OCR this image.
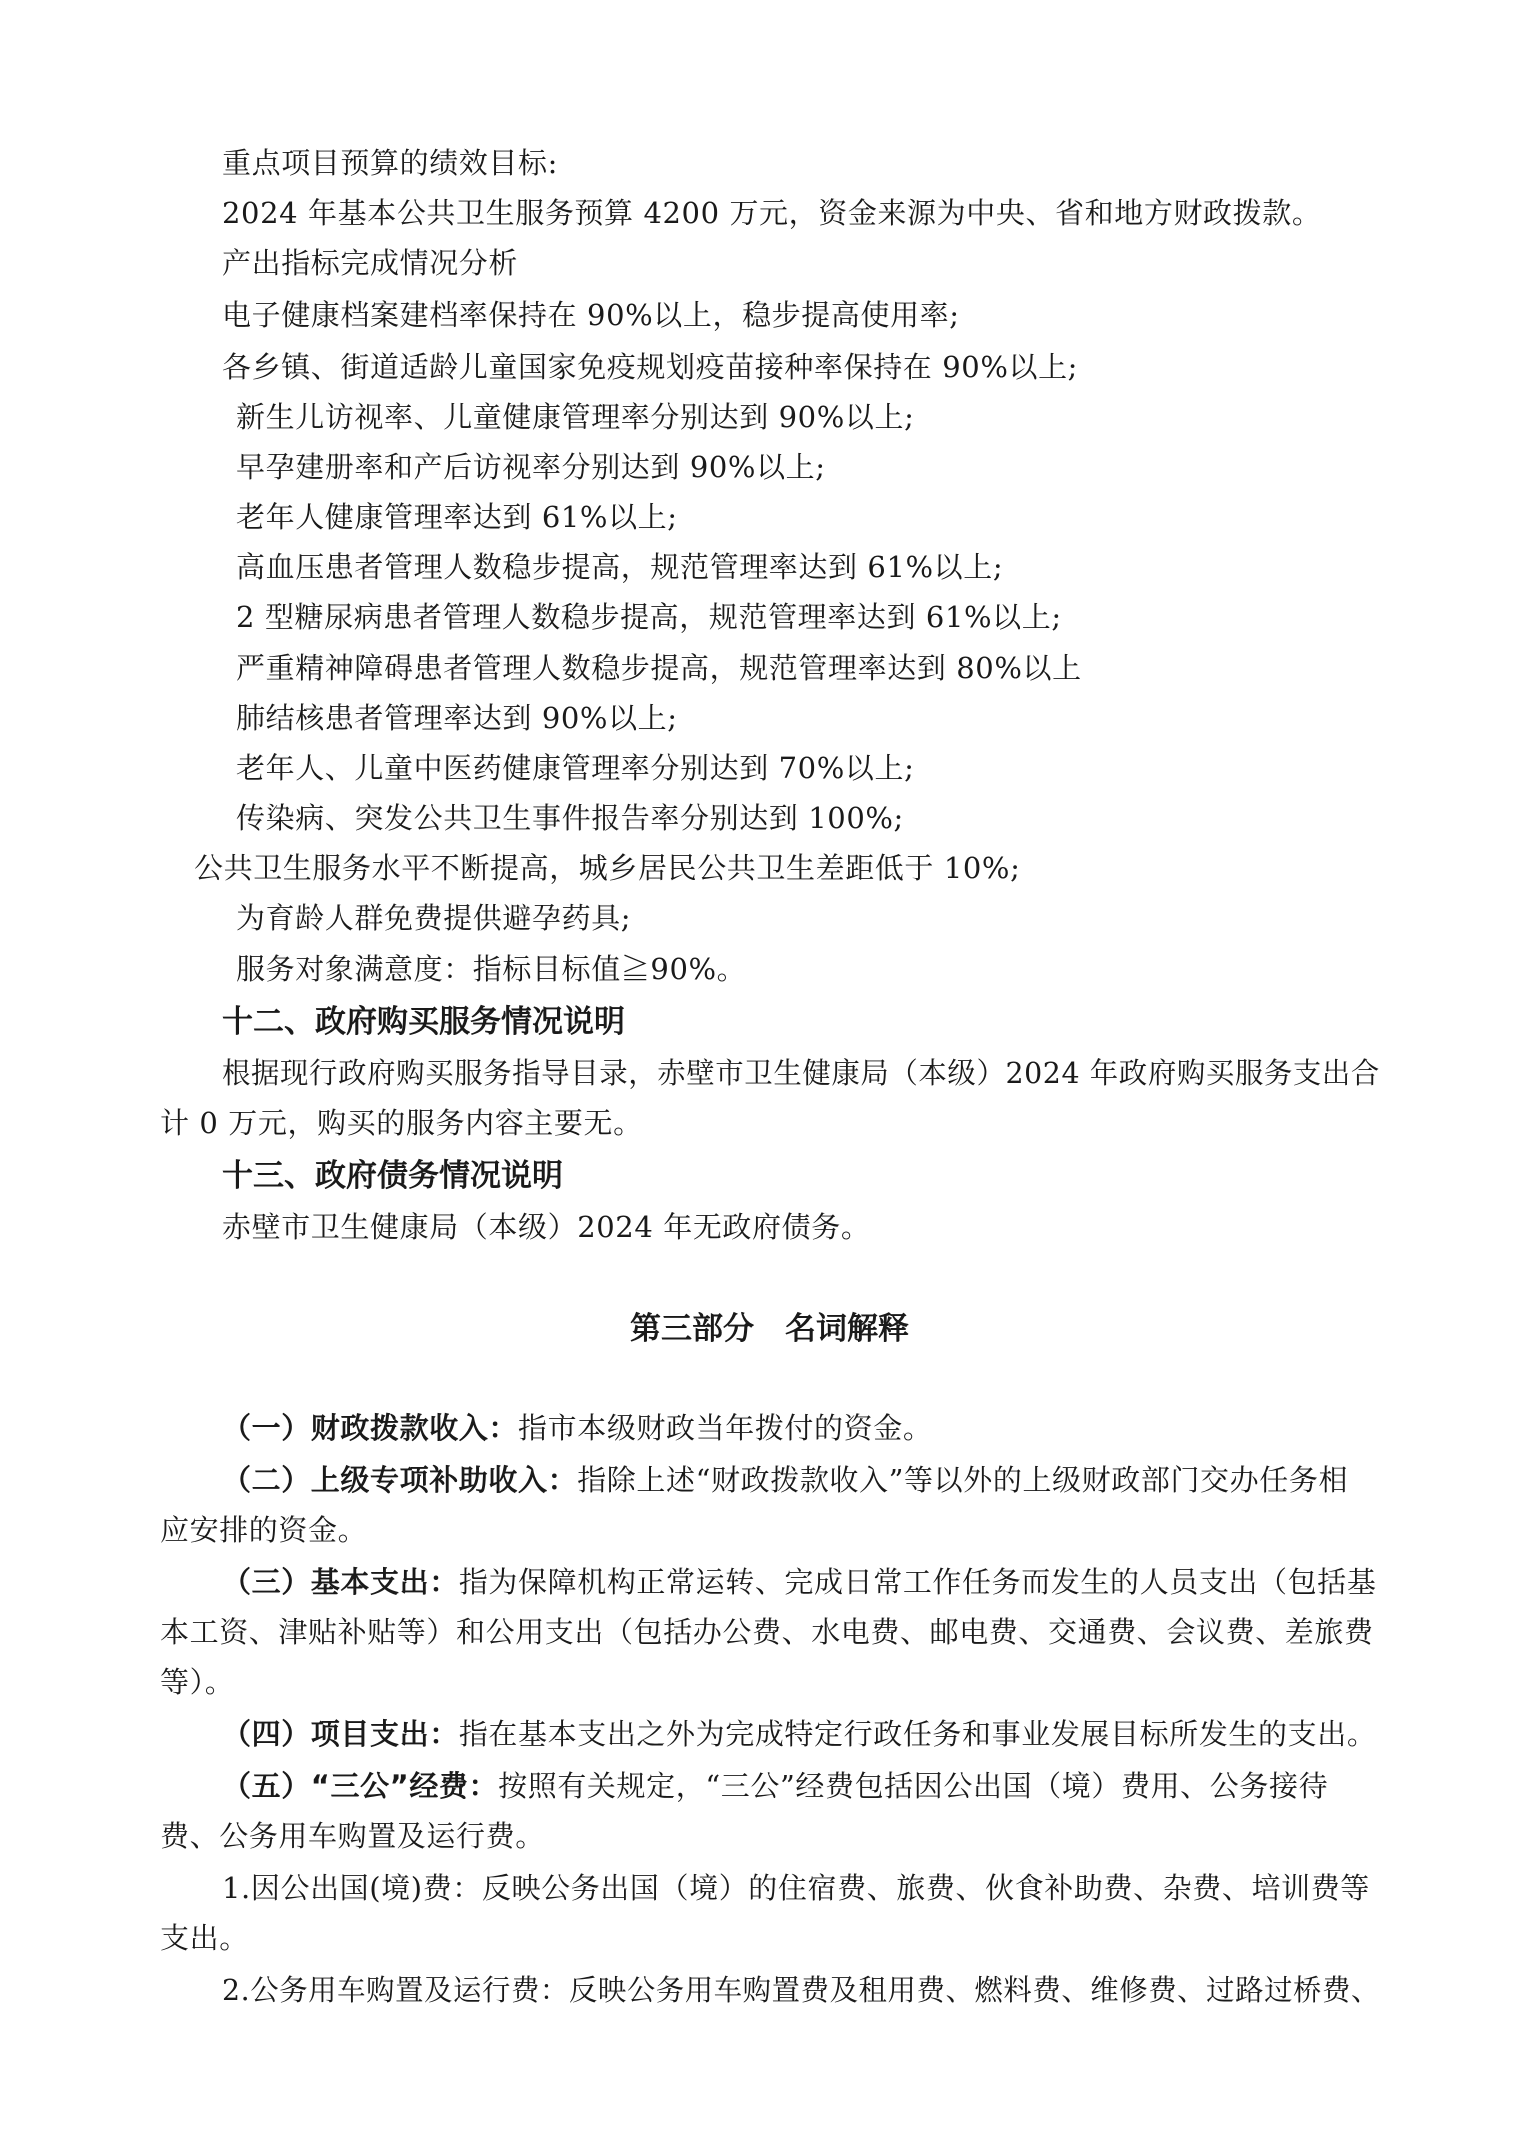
重点项目预算的绩效目标:
2024 年基本公共卫生服务预算 4200 万元，资金来源为中央、省和地方财政拨款。
产出指标完成情况分析
电子健康档案建档率保持在 90%以上，稳步提高使用率;
各乡镇、街道适龄儿童国家免疫规划疫苗接种率保持在 90%以上;
新生儿访视率、儿童健康管理率分别达到 90%以上;
早孕建册率和产后访视率分别达到 90%以上;
老年人健康管理率达到 61%以上;
高血压患者管理人数稳步提高，规范管理率达到 61%以上;
2 型糖尿病患者管理人数稳步提高，规范管理率达到 61%以上;
严重精神障碍患者管理人数稳步提高，规范管理率达到 80%以上
肺结核患者管理率达到 90%以上;
老年人、儿童中医药健康管理率分别达到 70%以上;
传染病、突发公共卫生事件报告率分别达到 100%;
公共卫生服务水平不断提高，城乡居民公共卫生差距低于 10%;
为育龄人群免费提供避孕药具;
服务对象满意度：指标目标值≧90%。
十二、政府购买服务情况说明
根据现行政府购买服务指导目录，赤壁市卫生健康局（本级）2024 年政府购买服务支出合
计 0 万元，购买的服务内容主要无。
十三、政府债务情况说明
赤壁市卫生健康局（本级）2024 年无政府债务。
第三部分　名词解释
（一）财政拨款收入：指市本级财政当年拨付的资金。
（二）上级专项补助收入：指除上述“财政拨款收入”等以外的上级财政部门交办任务相
应安排的资金。
（三）基本支出：指为保障机构正常运转、完成日常工作任务而发生的人员支出（包括基
本工资、津贴补贴等）和公用支出（包括办公费、水电费、邮电费、交通费、会议费、差旅费
等）。
（四）项目支出：指在基本支出之外为完成特定行政任务和事业发展目标所发生的支出。
（五）“三公”经费：按照有关规定，“三公”经费包括因公出国（境）费用、公务接待
费、公务用车购置及运行费。
1.因公出国(境)费：反映公务出国（境）的住宿费、旅费、伙食补助费、杂费、培训费等
支出。
2.公务用车购置及运行费：反映公务用车购置费及租用费、燃料费、维修费、过路过桥费、
